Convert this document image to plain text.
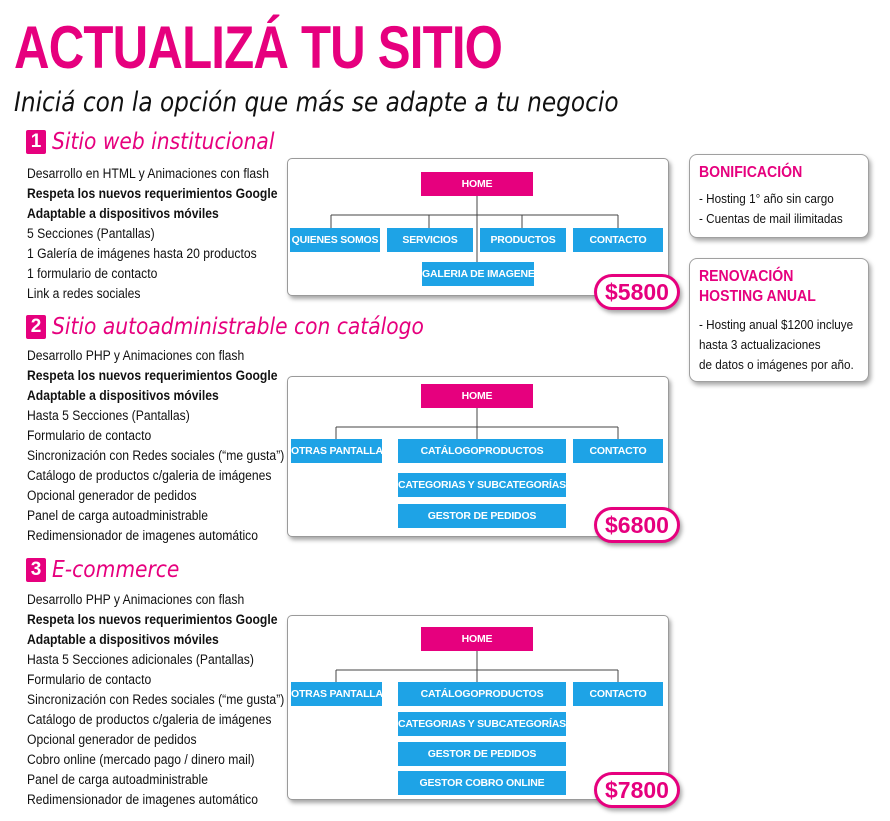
ACTUALIZÁ TU SITIO
Iniciá con la opción que más se adapte a tu negocio
1 Sitio web institucional
Desarrollo en HTML y Animaciones con flash
Respeta los nuevos requerimientos Google
Adaptable a dispositivos móviles
5 Secciones (Pantallas)
1 Galería de imágenes hasta 20 productos
1 formulario de contacto
Link a redes sociales
HOME
QUIENES SOMOS	SERVICIOS	PRODUCTOS	CONTACTO
GALERIA DE IMAGENES
$5800
2 Sitio autoadministrable con catálogo
Desarrollo PHP y Animaciones con flash
Respeta los nuevos requerimientos Google
Adaptable a dispositivos móviles
Hasta 5 Secciones (Pantallas)
Formulario de contacto
Sincronización con Redes sociales (“me gusta”)
Catálogo de productos c/galeria de imágenes
Opcional generador de pedidos
Panel de carga autoadministrable
Redimensionador de imagenes automático
HOME
OTRAS PANTALLAS	CATÁLOGOPRODUCTOS	CONTACTO
CATEGORIAS Y SUBCATEGORÍAS
GESTOR DE PEDIDOS	$6800
3 E-commerce
Desarrollo PHP y Animaciones con flash
Respeta los nuevos requerimientos Google
Adaptable a dispositivos móviles
Hasta 5 Secciones adicionales (Pantallas)
Formulario de contacto
Sincronización con Redes sociales (“me gusta”)
Catálogo de productos c/galeria de imágenes
Opcional generador de pedidos
Cobro online (mercado pago / dinero mail)
Panel de carga autoadministrable
Redimensionador de imagenes automático
HOME
OTRAS PANTALLAS	CATÁLOGOPRODUCTOS	CONTACTO
CATEGORIAS Y SUBCATEGORÍAS
GESTOR DE PEDIDOS
GESTOR COBRO ONLINE	$7800
BONIFICACIÓN
- Hosting 1° año sin cargo
- Cuentas de mail ilimitadas
RENOVACIÓN
HOSTING ANUAL
- Hosting anual $1200 incluye
hasta 3 actualizaciones
de datos o imágenes por año.
